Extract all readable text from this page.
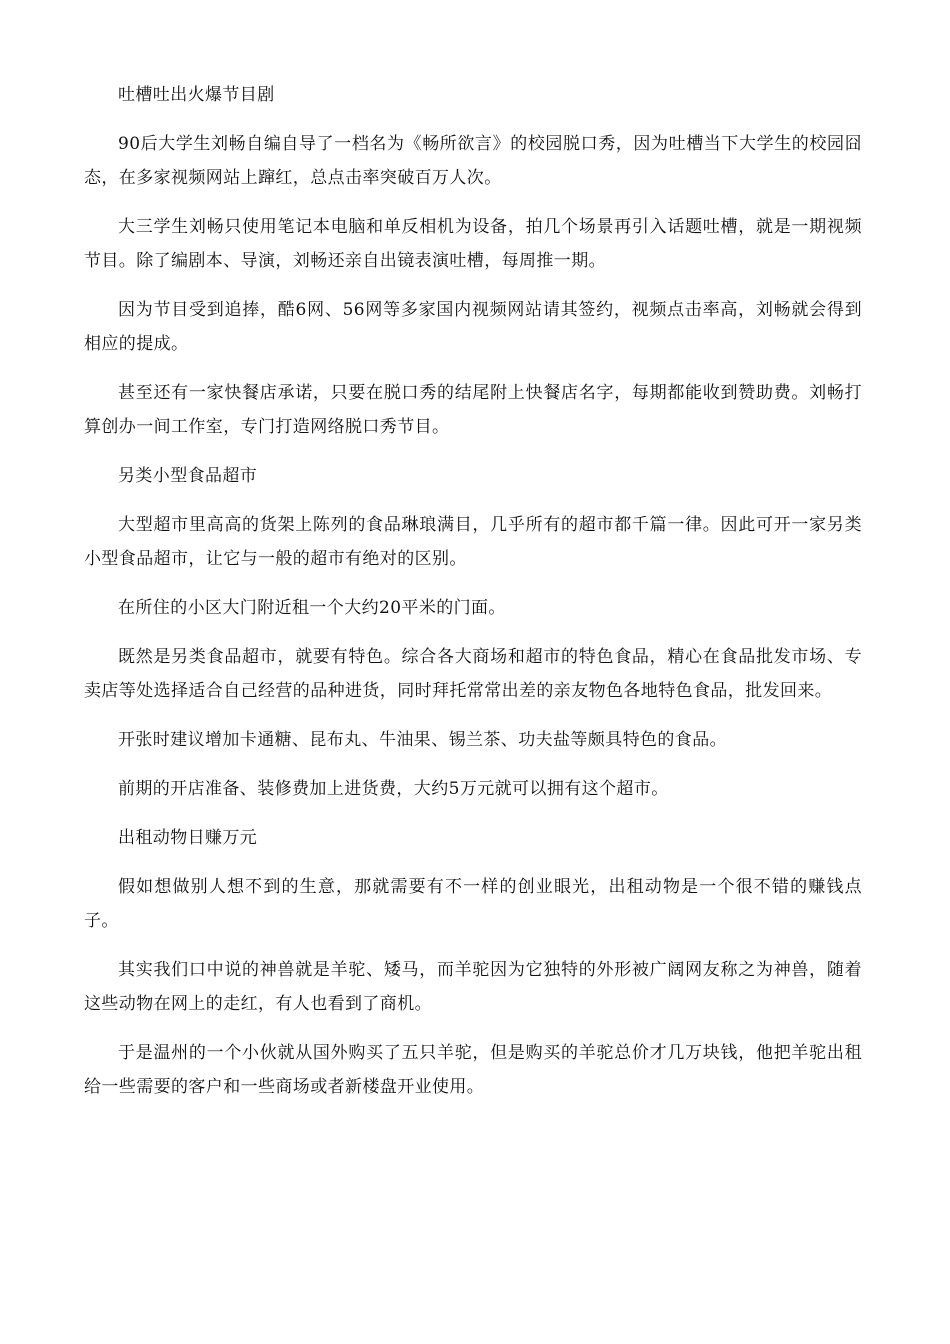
吐槽吐出火爆节目剧

90后大学生刘畅自编自导了一档名为《畅所欲言》的校园脱口秀，因为吐槽当下大学生的校园囧态，在多家视频网站上蹿红，总点击率突破百万人次。

大三学生刘畅只使用笔记本电脑和单反相机为设备，拍几个场景再引入话题吐槽，就是一期视频节目。除了编剧本、导演，刘畅还亲自出镜表演吐槽，每周推一期。

因为节目受到追捧，酷6网、56网等多家国内视频网站请其签约，视频点击率高，刘畅就会得到相应的提成。

甚至还有一家快餐店承诺，只要在脱口秀的结尾附上快餐店名字，每期都能收到赞助费。刘畅打算创办一间工作室，专门打造网络脱口秀节目。

另类小型食品超市

大型超市里高高的货架上陈列的食品琳琅满目，几乎所有的超市都千篇一律。因此可开一家另类小型食品超市，让它与一般的超市有绝对的区别。

在所住的小区大门附近租一个大约20平米的门面。

既然是另类食品超市，就要有特色。综合各大商场和超市的特色食品，精心在食品批发市场、专卖店等处选择适合自己经营的品种进货，同时拜托常常出差的亲友物色各地特色食品，批发回来。

开张时建议增加卡通糖、昆布丸、牛油果、锡兰茶、功夫盐等颇具特色的食品。

前期的开店准备、装修费加上进货费，大约5万元就可以拥有这个超市。

出租动物日赚万元

假如想做别人想不到的生意，那就需要有不一样的创业眼光，出租动物是一个很不错的赚钱点子。

其实我们口中说的神兽就是羊驼、矮马，而羊驼因为它独特的外形被广阔网友称之为神兽，随着这些动物在网上的走红，有人也看到了商机。

于是温州的一个小伙就从国外购买了五只羊驼，但是购买的羊驼总价才几万块钱，他把羊驼出租给一些需要的客户和一些商场或者新楼盘开业使用。
